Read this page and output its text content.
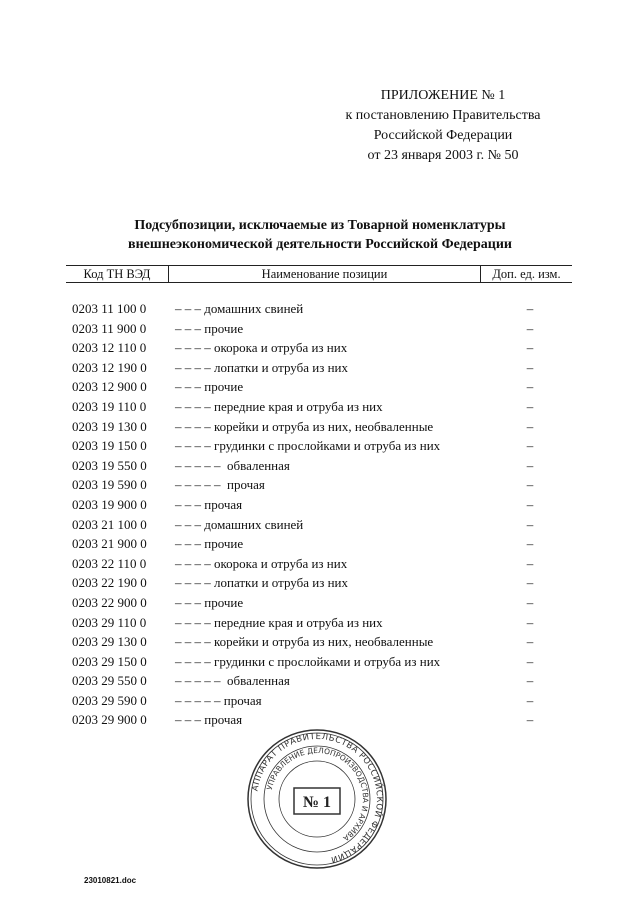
ПРИЛОЖЕНИЕ № 1
к постановлению Правительства
Российской Федерации
от 23 января 2003 г. № 50
Подсубпозиции, исключаемые из Товарной номенклатуры
внешнеэкономической деятельности Российской Федерации
Код ТН ВЭД	Наименование позиции	Доп. ед. изм.
0203 11 100 0 – – – домашних свиней	–
0203 11 900 0 – – – прочие	–
0203 12 110 0 – – – – окорока и отруба из них	–
0203 12 190 0 – – – – лопатки и отруба из них	–
0203 12 900 0 – – – прочие	–
0203 19 110 0 – – – – передние края и отруба из них	–
0203 19 130 0 – – – – корейки и отруба из них, необваленные	–
0203 19 150 0 – – – – грудинки с прослойками и отруба из них	–
0203 19 550 0 – – – – –  обваленная	–
0203 19 590 0 – – – – –  прочая	–
0203 19 900 0 – – – прочая	–
0203 21 100 0 – – – домашних свиней	–
0203 21 900 0 – – – прочие	–
0203 22 110 0 – – – – окорока и отруба из них	–
0203 22 190 0 – – – – лопатки и отруба из них	–
0203 22 900 0 – – – прочие	–
0203 29 110 0 – – – – передние края и отруба из них	–
0203 29 130 0 – – – – корейки и отруба из них, необваленные	–
0203 29 150 0 – – – – грудинки с прослойками и отруба из них	–
0203 29 550 0 – – – – –  обваленная	–
0203 29 590 0 – – – – – прочая	–
0203 29 900 0 – – – прочая	–
АППАРАТ ПРАВИТЕЛЬСТВА РОССИЙСКОЙ ФЕДЕРАЦИИ
УПРАВЛЕНИЕ ДЕЛОПРОИЗВОДСТВА И АРХИВА
№ 1
23010821.doc
